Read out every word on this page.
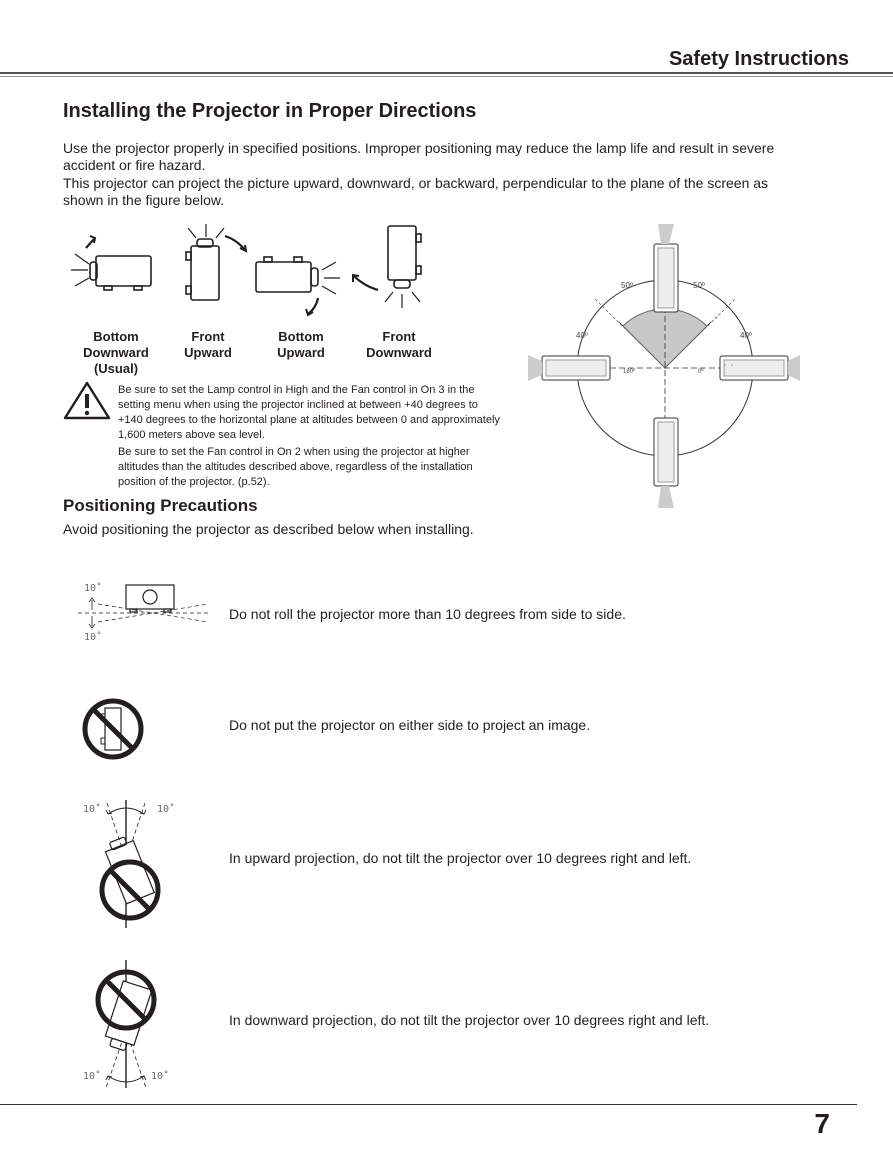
Safety Instructions
Installing the Projector in Proper Directions
Use the projector properly in specified positions. Improper positioning may reduce the lamp life and result in severe accident or fire hazard.
This projector can project the picture upward, downward, or backward, perpendicular to the plane of the screen as shown in the figure below.
Bottom
Downward
(Usual)
Front
Upward
Bottom
Upward
Front
Downward
Be sure to set the Lamp control in High and the Fan control in On 3 in the setting menu when using the projector inclined at between +40 degrees to +140 degrees to the horizontal plane at altitudes between 0 and approximately 1,600 meters above sea level.
Be sure to set the Fan control in On 2 when using the projector at higher altitudes than the altitudes described above, regardless of the installation position of the projector. (p.52).
50º	50º
40º	40º
180º	0º
Positioning Precautions
Avoid positioning the projector as described below when installing.
10˚
10˚
Do not roll the projector more than 10 degrees from side to side.
Do not put the projector on either side to project an image.
10˚	10˚
In upward projection, do not tilt the projector over 10 degrees right and left.
10˚	10˚
In downward projection, do not tilt the projector over 10 degrees right and left.
7
